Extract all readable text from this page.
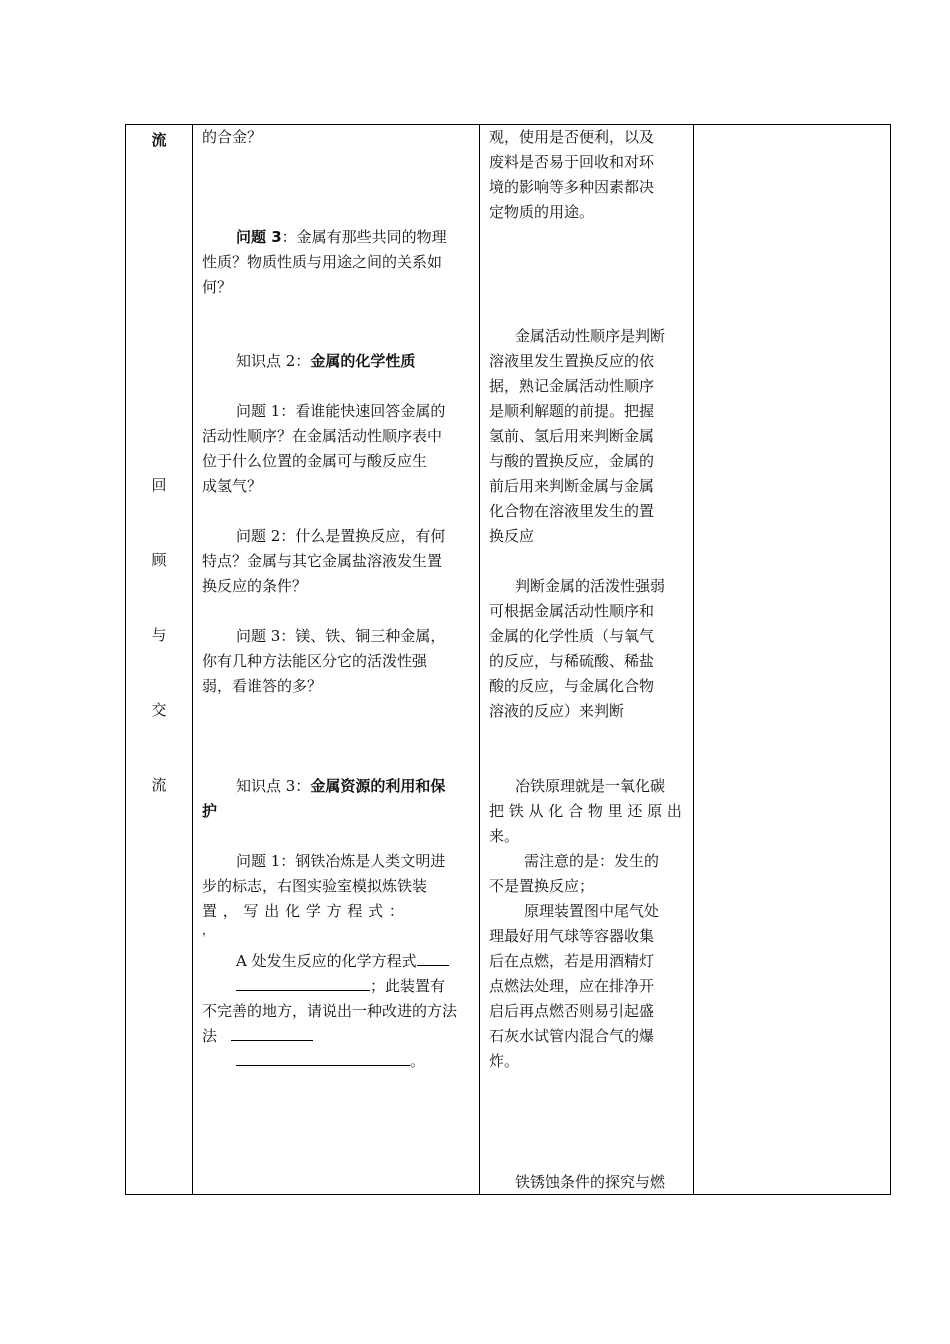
流
回
顾
与
交
流
的合金？
问题 3：金属有那些共同的物理
性质？物质性质与用途之间的关系如
何？
知识点 2：金属的化学性质
问题 1：看谁能快速回答金属的
活动性顺序？在金属活动性顺序表中
位于什么位置的金属可与酸反应生
成氢气？
问题 2：什么是置换反应，有何
特点？金属与其它金属盐溶液发生置
换反应的条件？
问题 3：镁、铁、铜三种金属，
你有几种方法能区分它的活泼性强
弱，看谁答的多？
知识点 3：金属资源的利用和保
护
问题 1：钢铁冶炼是人类文明进
步的标志，右图实验室模拟炼铁装
置 ， 写 出 化 学 方 程 式 ：
，
A 处发生反应的化学方程式
；此装置有
不完善的地方，请说出一种改进的方法
法
。
观，使用是否便利，以及
废料是否易于回收和对环
境的影响等多种因素都决
定物质的用途。
金属活动性顺序是判断
溶液里发生置换反应的依
据，熟记金属活动性顺序
是顺利解题的前提。把握
氢前、氢后用来判断金属
与酸的置换反应，金属的
前后用来判断金属与金属
化合物在溶液里发生的置
换反应
判断金属的活泼性强弱
可根据金属活动性顺序和
金属的化学性质（与氧气
的反应，与稀硫酸、稀盐
酸的反应，与金属化合物
溶液的反应）来判断
冶铁原理就是一氧化碳
把 铁 从 化 合 物 里 还 原 出
来。
需注意的是：发生的
不是置换反应；
原理装置图中尾气处
理最好用气球等容器收集
后在点燃，若是用酒精灯
点燃法处理，应在排净开
启后再点燃否则易引起盛
石灰水试管内混合气的爆
炸。
铁锈蚀条件的探究与燃
